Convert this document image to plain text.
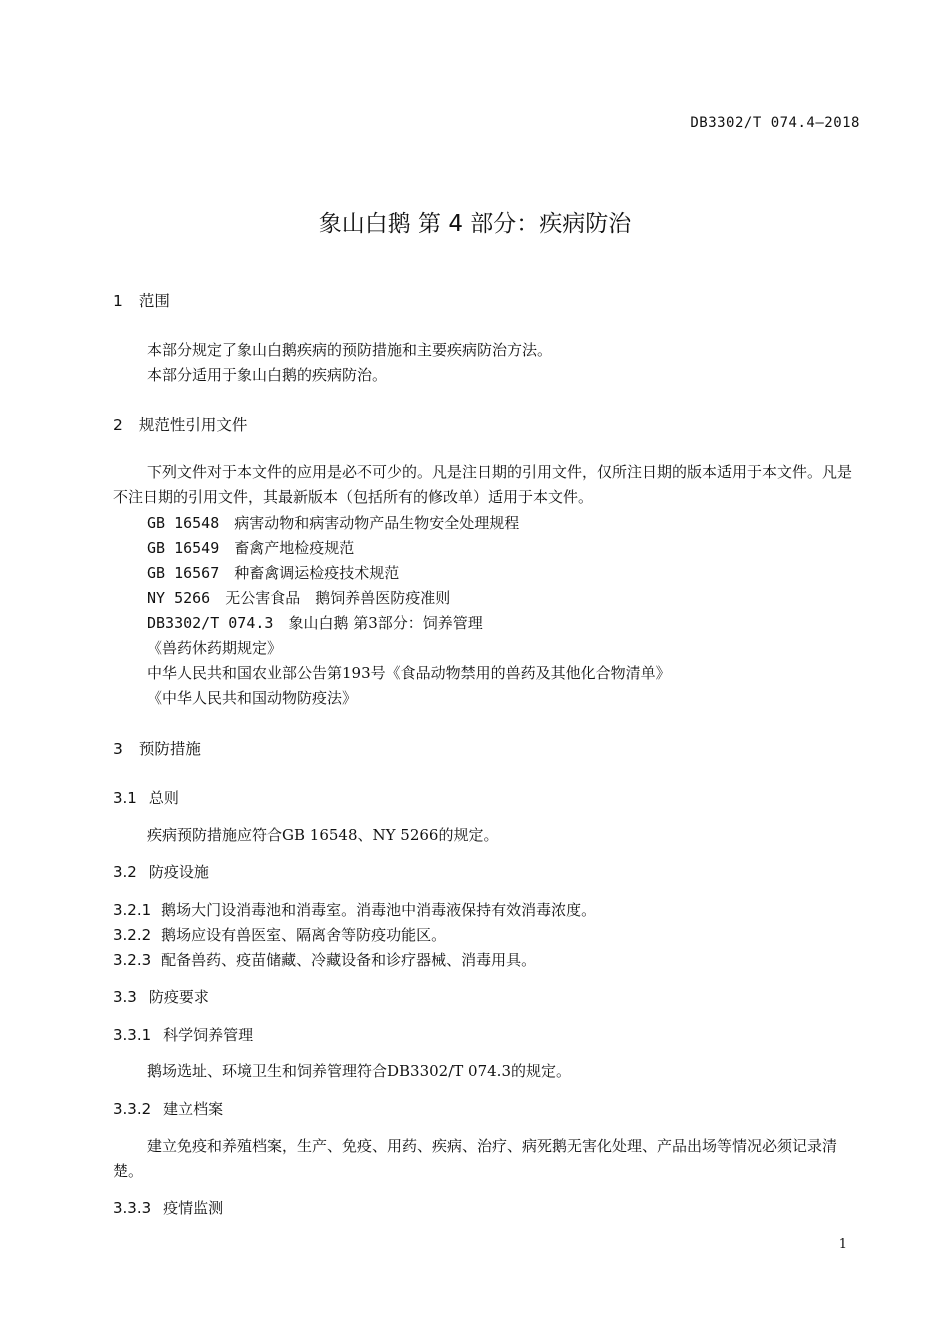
DB3302/T 074.4—2018
象山白鹅 第 4 部分：疾病防治
1 范围
本部分规定了象山白鹅疾病的预防措施和主要疾病防治方法。
本部分适用于象山白鹅的疾病防治。
2 规范性引用文件
下列文件对于本文件的应用是必不可少的。凡是注日期的引用文件，仅所注日期的版本适用于本文件。凡是不注日期的引用文件，其最新版本（包括所有的修改单）适用于本文件。
GB 16548　 病害动物和病害动物产品生物安全处理规程
GB 16549　 畜禽产地检疫规范
GB 16567　 种畜禽调运检疫技术规范
NY 5266　 无公害食品　鹅饲养兽医防疫准则
DB3302/T 074.3　 象山白鹅 第3部分：饲养管理
《兽药休药期规定》
中华人民共和国农业部公告第193号《食品动物禁用的兽药及其他化合物清单》
《中华人民共和国动物防疫法》
3 预防措施
3.1 总则
疾病预防措施应符合GB 16548、NY 5266的规定。
3.2 防疫设施
3.2.1 鹅场大门设消毒池和消毒室。消毒池中消毒液保持有效消毒浓度。
3.2.2 鹅场应设有兽医室、隔离舍等防疫功能区。
3.2.3 配备兽药、疫苗储藏、冷藏设备和诊疗器械、消毒用具。
3.3 防疫要求
3.3.1 科学饲养管理
鹅场选址、环境卫生和饲养管理符合DB3302/T 074.3的规定。
3.3.2 建立档案
建立免疫和养殖档案，生产、免疫、用药、疾病、治疗、病死鹅无害化处理、产品出场等情况必须记录清楚。
3.3.3 疫情监测
1
